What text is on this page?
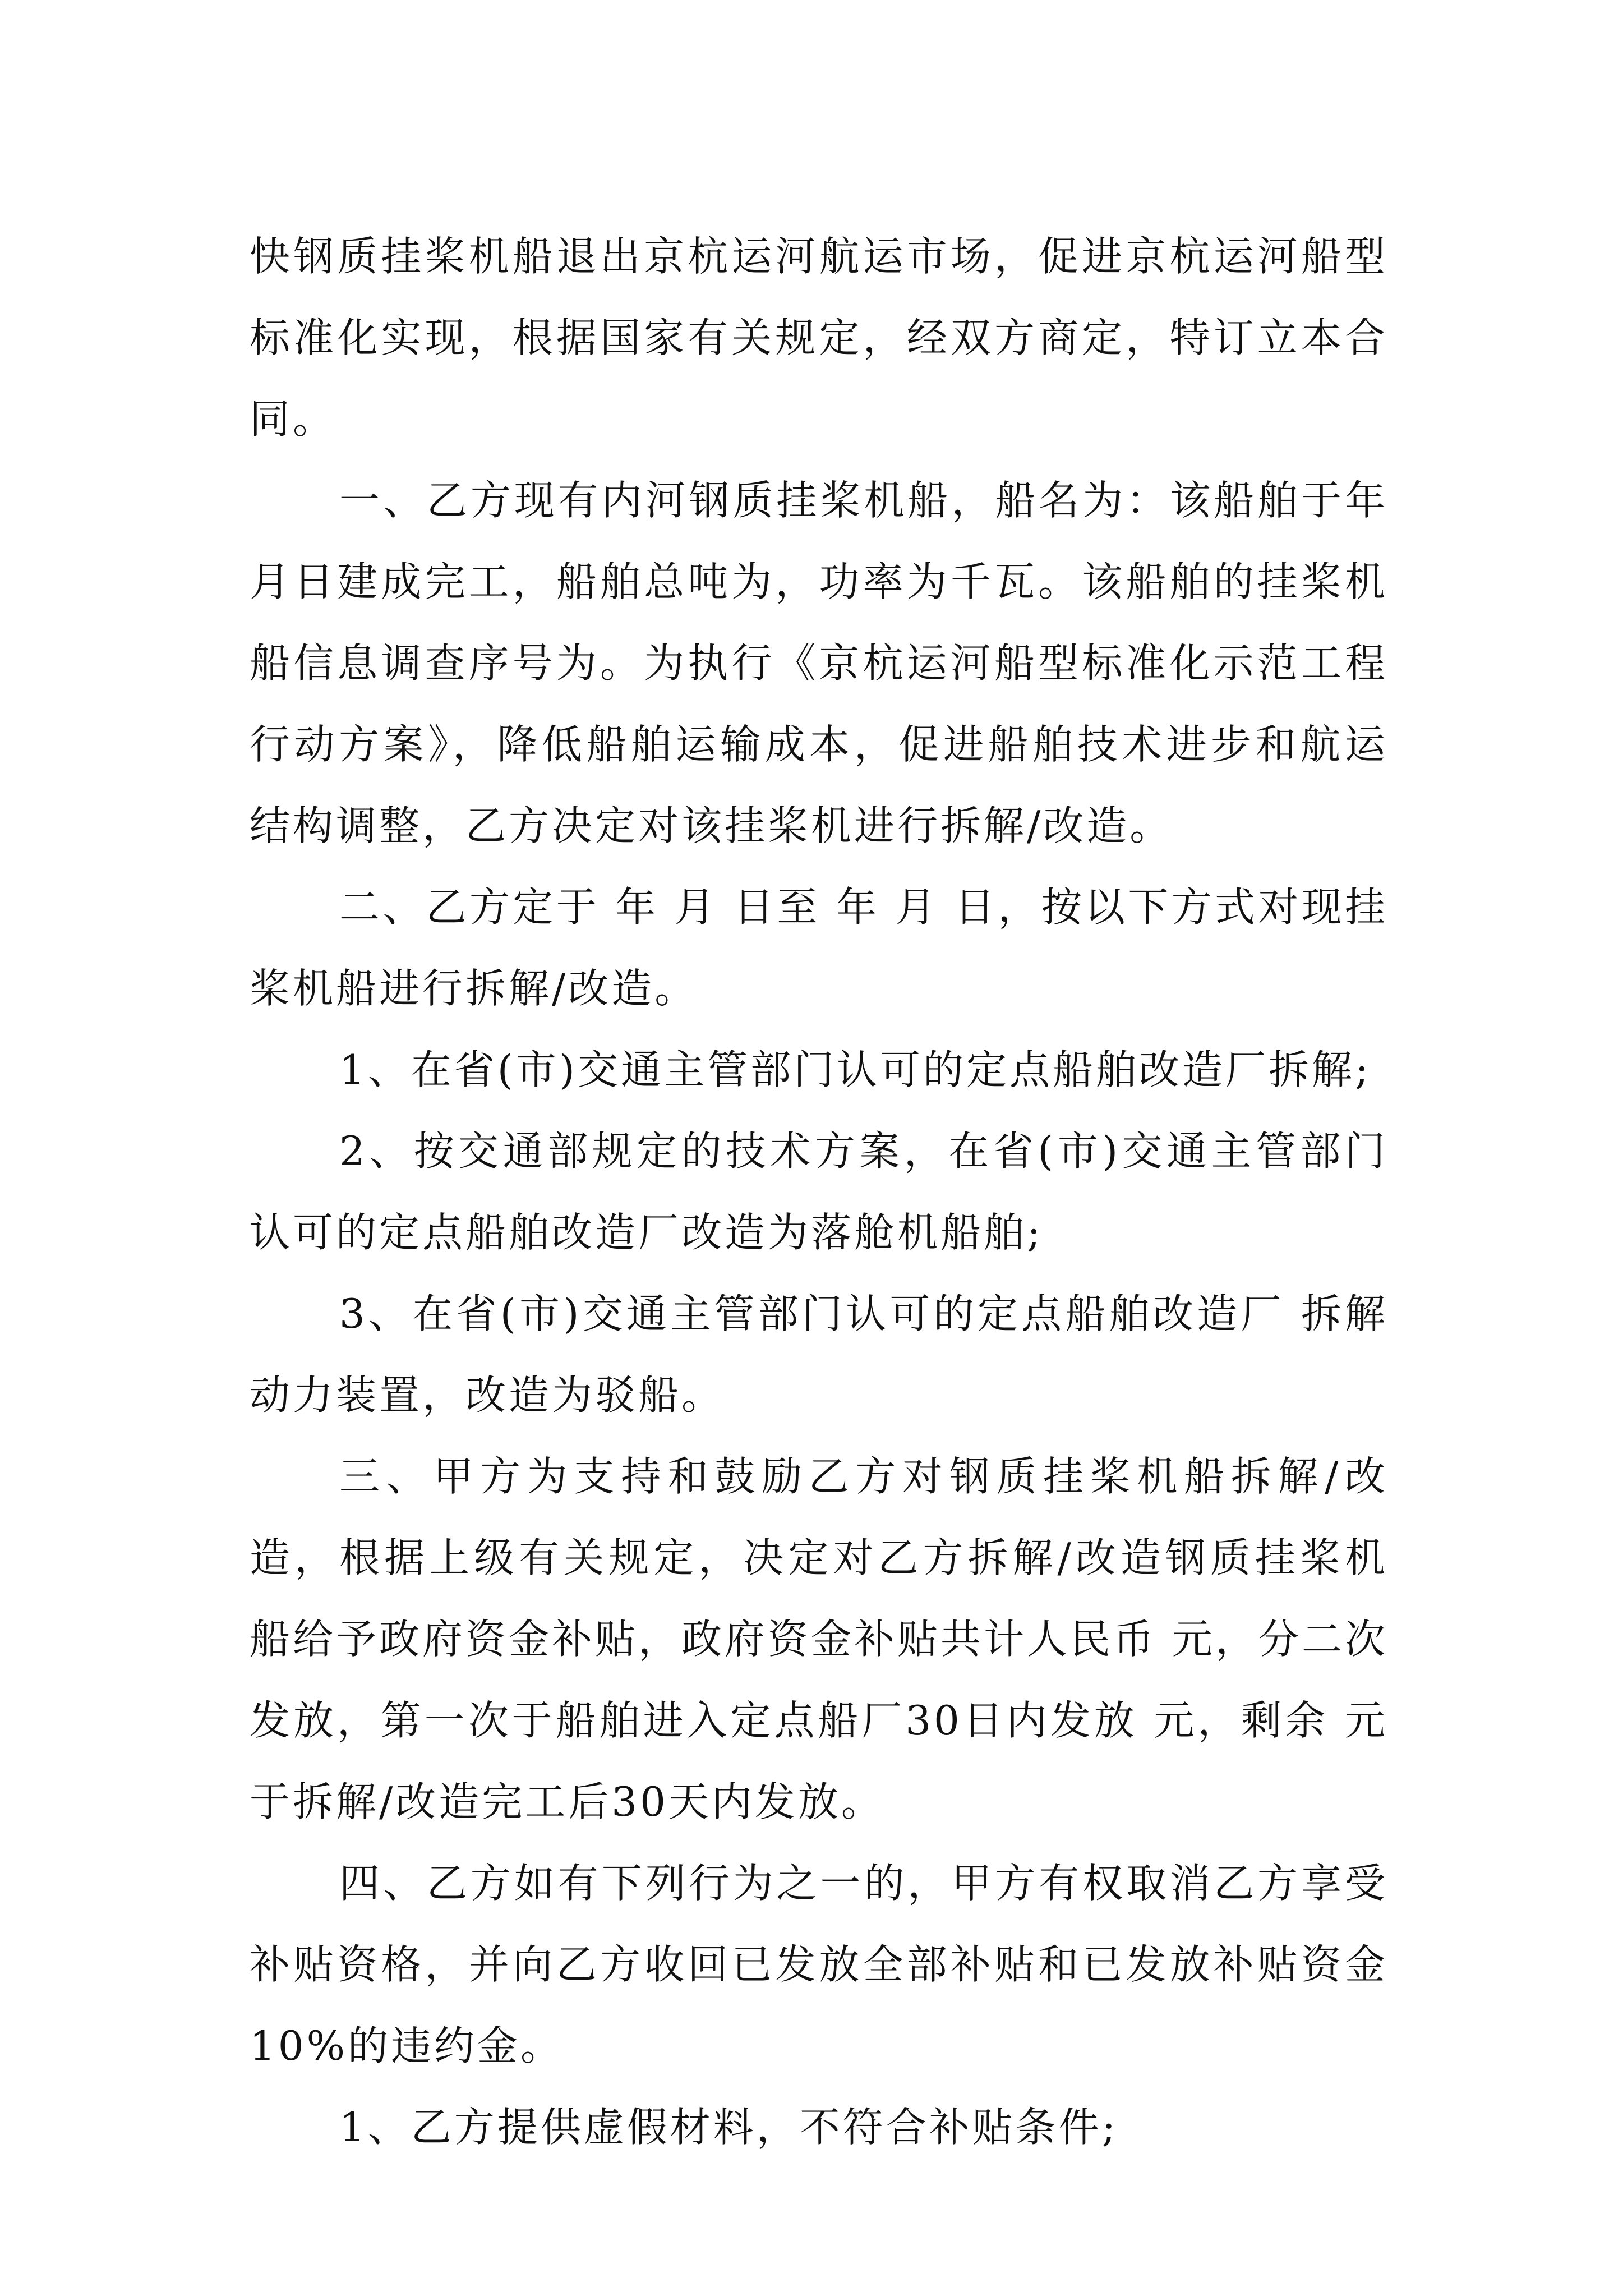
快钢质挂桨机船退出京杭运河航运市场，促进京杭运河船型标准化实现，根据国家有关规定，经双方商定，特订立本合同。

一、乙方现有内河钢质挂桨机船，船名为：该船舶于年月日建成完工，船舶总吨为，功率为千瓦。该船舶的挂桨机船信息调查序号为。为执行《京杭运河船型标准化示范工程行动方案》，降低船舶运输成本，促进船舶技术进步和航运结构调整，乙方决定对该挂桨机进行拆解/改造。

二、乙方定于 年 月 日至 年 月 日，按以下方式对现挂桨机船进行拆解/改造。

1、在省(市)交通主管部门认可的定点船舶改造厂拆解;

2、按交通部规定的技术方案，在省(市)交通主管部门认可的定点船舶改造厂改造为落舱机船舶;

3、在省(市)交通主管部门认可的定点船舶改造厂 拆解动力装置，改造为驳船。

三、甲方为支持和鼓励乙方对钢质挂桨机船拆解/改造，根据上级有关规定，决定对乙方拆解/改造钢质挂桨机船给予政府资金补贴，政府资金补贴共计人民币 元，分二次发放，第一次于船舶进入定点船厂30日内发放 元，剩余 元于拆解/改造完工后30天内发放。

四、乙方如有下列行为之一的，甲方有权取消乙方享受补贴资格，并向乙方收回已发放全部补贴和已发放补贴资金10%的违约金。

1、乙方提供虚假材料，不符合补贴条件;
